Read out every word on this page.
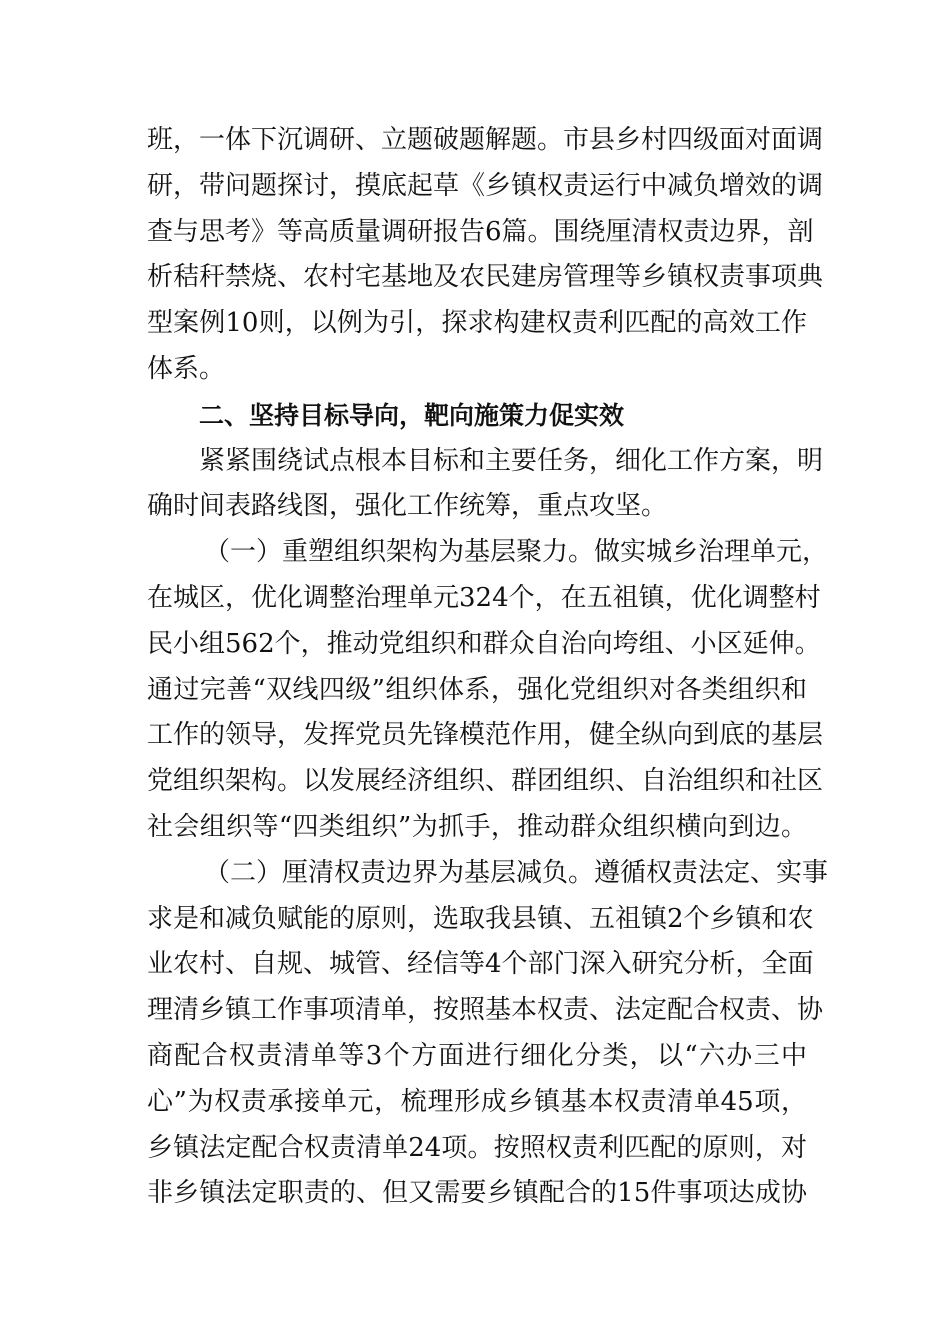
班，一体下沉调研、立题破题解题。市县乡村四级面对面调
研，带问题探讨，摸底起草《乡镇权责运行中减负增效的调
查与思考》等高质量调研报告6篇。围绕厘清权责边界，剖
析秸秆禁烧、农村宅基地及农民建房管理等乡镇权责事项典
型案例10则，以例为引，探求构建权责利匹配的高效工作
体系。
二、坚持目标导向，靶向施策力促实效
紧紧围绕试点根本目标和主要任务，细化工作方案，明
确时间表路线图，强化工作统筹，重点攻坚。
（一）重塑组织架构为基层聚力。做实城乡治理单元，
在城区，优化调整治理单元324个，在五祖镇，优化调整村
民小组562个，推动党组织和群众自治向垮组、小区延伸。
通过完善“双线四级”组织体系，强化党组织对各类组织和
工作的领导，发挥党员先锋模范作用，健全纵向到底的基层
党组织架构。以发展经济组织、群团组织、自治组织和社区
社会组织等“四类组织”为抓手，推动群众组织横向到边。
（二）厘清权责边界为基层减负。遵循权责法定、实事
求是和减负赋能的原则，选取我县镇、五祖镇2个乡镇和农
业农村、自规、城管、经信等4个部门深入研究分析，全面
理清乡镇工作事项清单，按照基本权责、法定配合权责、协
商配合权责清单等3个方面进行细化分类，以“六办三中
心”为权责承接单元，梳理形成乡镇基本权责清单45项，
乡镇法定配合权责清单24项。按照权责利匹配的原则，对
非乡镇法定职责的、但又需要乡镇配合的15件事项达成协
